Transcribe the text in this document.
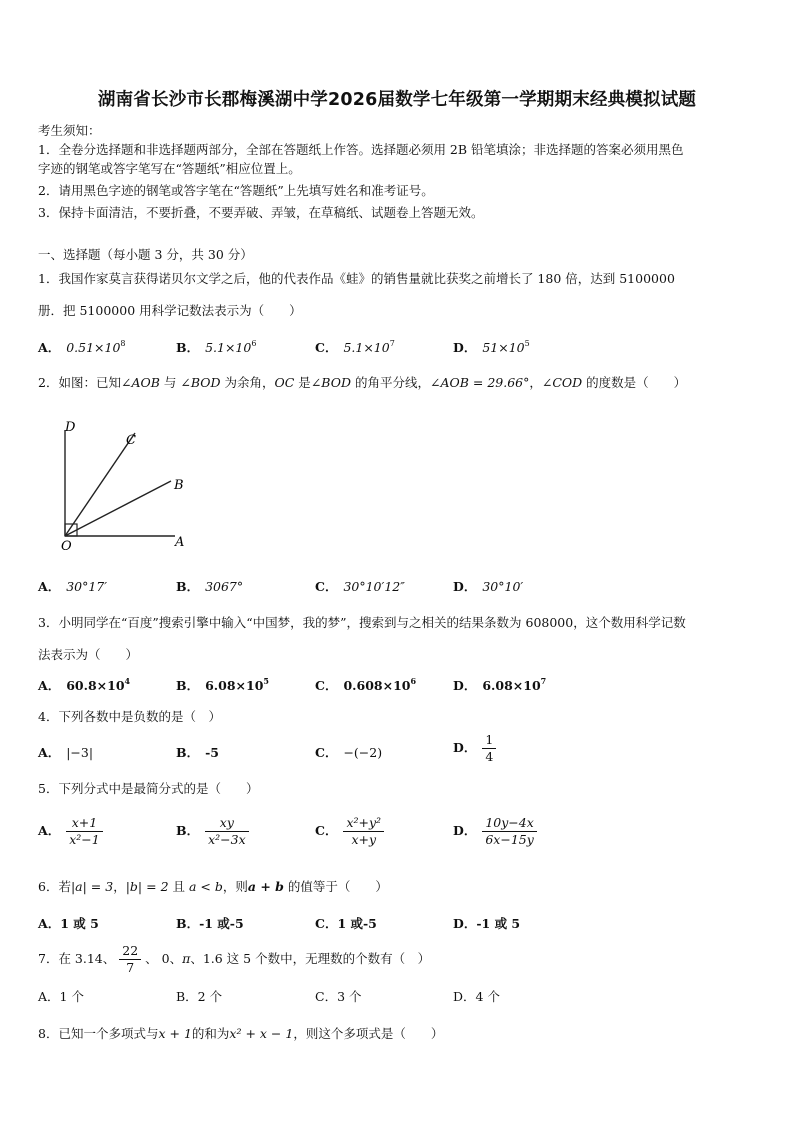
湖南省长沙市长郡梅溪湖中学2026届数学七年级第一学期期末经典模拟试题
考生须知：
1．全卷分选择题和非选择题两部分，全部在答题纸上作答。选择题必须用 2B 铅笔填涂；非选择题的答案必须用黑色
字迹的钢笔或答字笔写在“答题纸”相应位置上。
2．请用黑色字迹的钢笔或答字笔在“答题纸”上先填写姓名和准考证号。
3．保持卡面清洁，不要折叠，不要弄破、弄皱，在草稿纸、试题卷上答题无效。
一、选择题（每小题 3 分，共 30 分）
1．我国作家莫言获得诺贝尔文学之后，他的代表作品《蛙》的销售量就比获奖之前增长了 180 倍，达到 5100000
册．把 5100000 用科学记数法表示为（　　）
A． $0.51\times 10^8$	B． $5.1\times 10^6$	C． $5.1\times 10^7$	D． $51\times 10^5$
2．如图：已知∠AOB 与 ∠BOD 为余角，OC 是∠BOD 的角平分线，∠AOB = 29.66°，∠COD 的度数是（　　）
D
C
B
O	A
A． 30°17′	B． 3067°	C． 30°10′12″	D． 30°10′
3．小明同学在“百度”搜索引擎中输入“中国梦，我的梦”，搜索到与之相关的结果条数为 608000，这个数用科学记数
法表示为（　　）
A． $60.8\times 10^4$	B． $6.08\times 10^5$	C． $0.608\times 10^6$	D． $6.08\times 10^7$
4．下列各数中是负数的是（　）
A． |−3|	B． -5	C． −(−2)	D． $\frac{1}{4}$
5．下列分式中是最简分式的是（　　）
A． $\frac{x+1}{\text{x²−1}}$	B． $\frac{xy}{\text{x²−3x}}$	C． $\frac{\text{x²+y²}}{x+y}$	D． $\frac{10y-4x}{6x-15y}$
6．若|a| = 3，|b| = 2 且 a < b，则a + b 的值等于（　　）
A．1 或 5	B．-1 或-5	C．1 或-5	D．-1 或 5
7．在 3.14、 $\frac{22}{7}$ 、 0、π、1.6 这 5 个数中，无理数的个数有（　）
A．1 个	B．2 个	C．3 个	D．4 个
8．已知一个多项式与x + 1的和为x² + x − 1，则这个多项式是（　　）
